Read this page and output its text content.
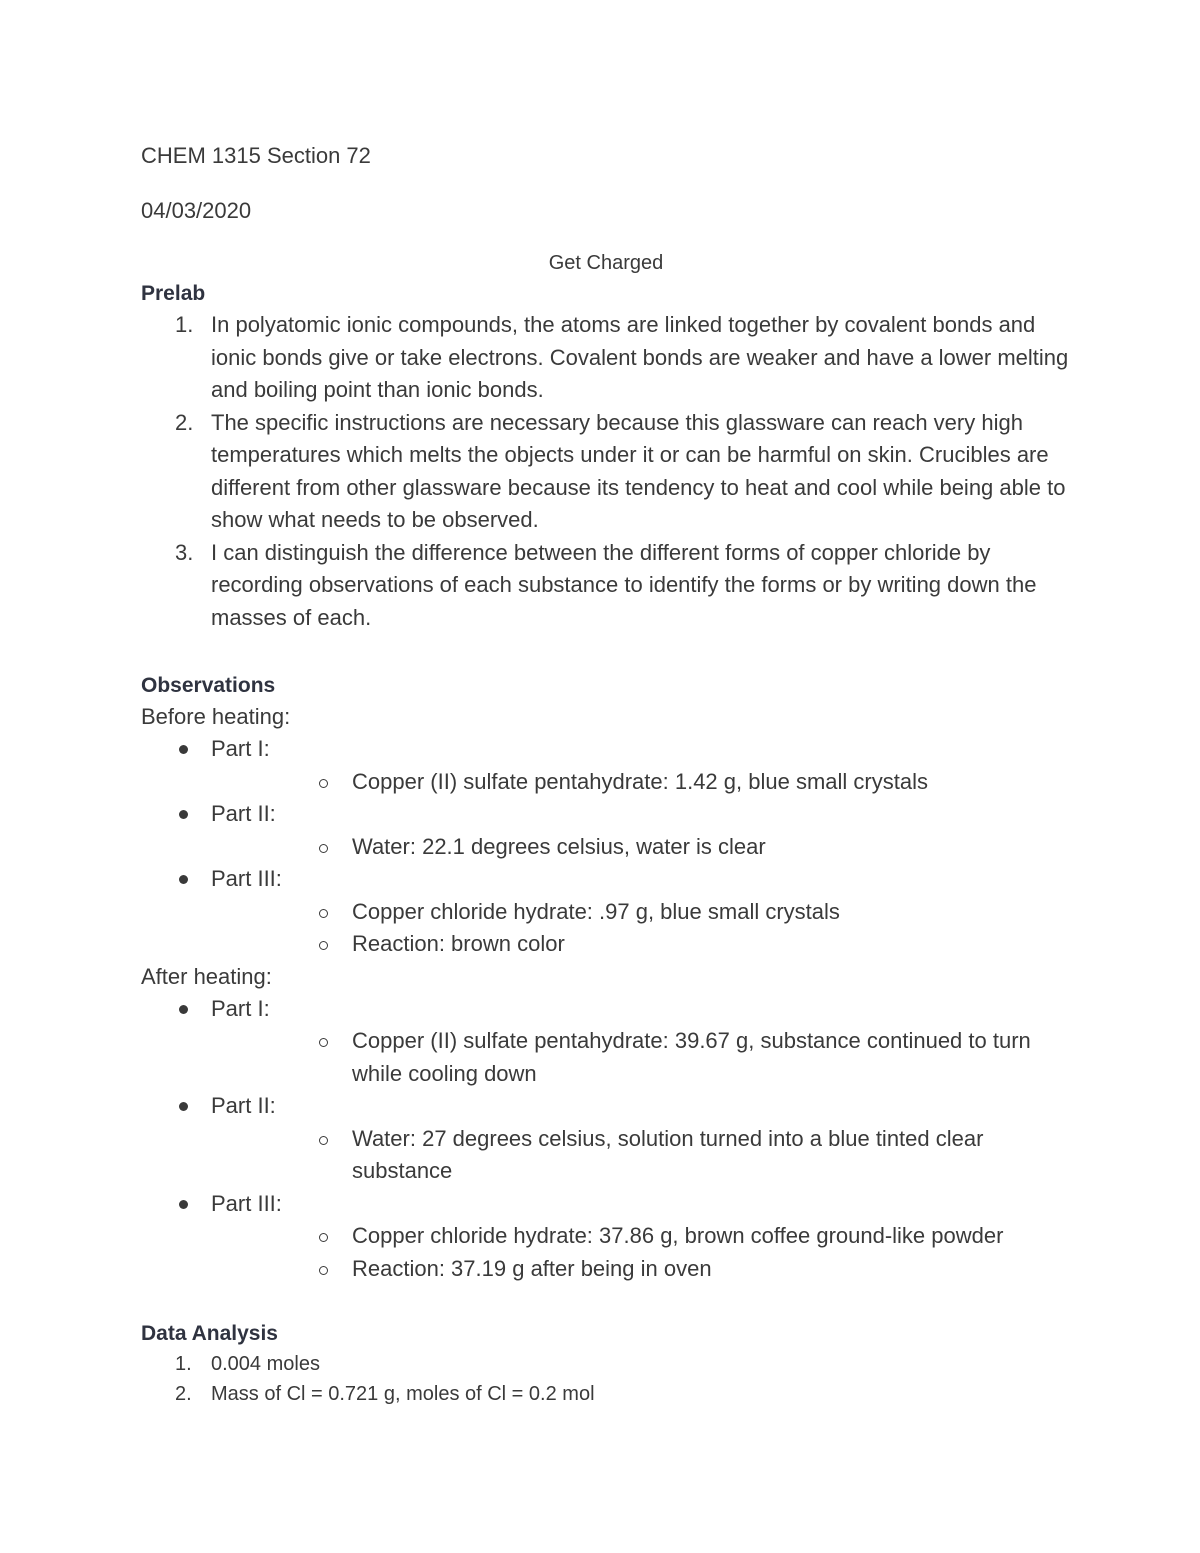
CHEM 1315 Section 72

04/03/2020

Get Charged

Prelab
1. In polyatomic ionic compounds, the atoms are linked together by covalent bonds and ionic bonds give or take electrons. Covalent bonds are weaker and have a lower melting and boiling point than ionic bonds.
2. The specific instructions are necessary because this glassware can reach very high temperatures which melts the objects under it or can be harmful on skin. Crucibles are different from other glassware because its tendency to heat and cool while being able to show what needs to be observed.
3. I can distinguish the difference between the different forms of copper chloride by recording observations of each substance to identify the forms or by writing down the masses of each.
Observations

Before heating:

Part I:
Copper (II) sulfate pentahydrate: 1.42 g, blue small crystals
Part II:
Water: 22.1 degrees celsius, water is clear
Part III:
Copper chloride hydrate: .97 g, blue small crystals
Reaction: brown color

After heating:

Part I:
Copper (II) sulfate pentahydrate: 39.67 g, substance continued to turn while cooling down
Part II:
Water: 27 degrees celsius, solution turned into a blue tinted clear substance
Part III:
Copper chloride hydrate: 37.86 g, brown coffee ground-like powder
Reaction: 37.19 g after being in oven
Data Analysis
1. 0.004 moles
2. Mass of Cl = 0.721 g, moles of Cl = 0.2 mol
